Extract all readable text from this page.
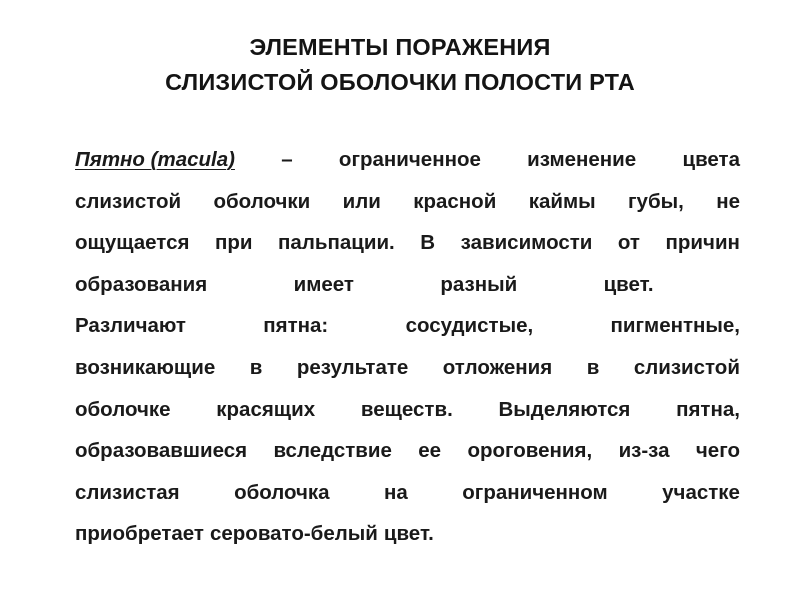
ЭЛЕМЕНТЫ ПОРАЖЕНИЯ
СЛИЗИСТОЙ ОБОЛОЧКИ ПОЛОСТИ РТА
Пятно (macula) – ограниченное изменение цвета
слизистой оболочки или красной каймы губы, не
ощущается при пальпации. В зависимости от причин
образования	имеет	разный	цвет.
Различают	пятна:	сосудистые,	пигментные,
возникающие в результате отложения в слизистой
оболочке красящих веществ. Выделяются пятна,
образовавшиеся вследствие ее ороговения, из-за чего
слизистая	оболочка	на	ограниченном	участке
приобретает серовато-белый цвет.
